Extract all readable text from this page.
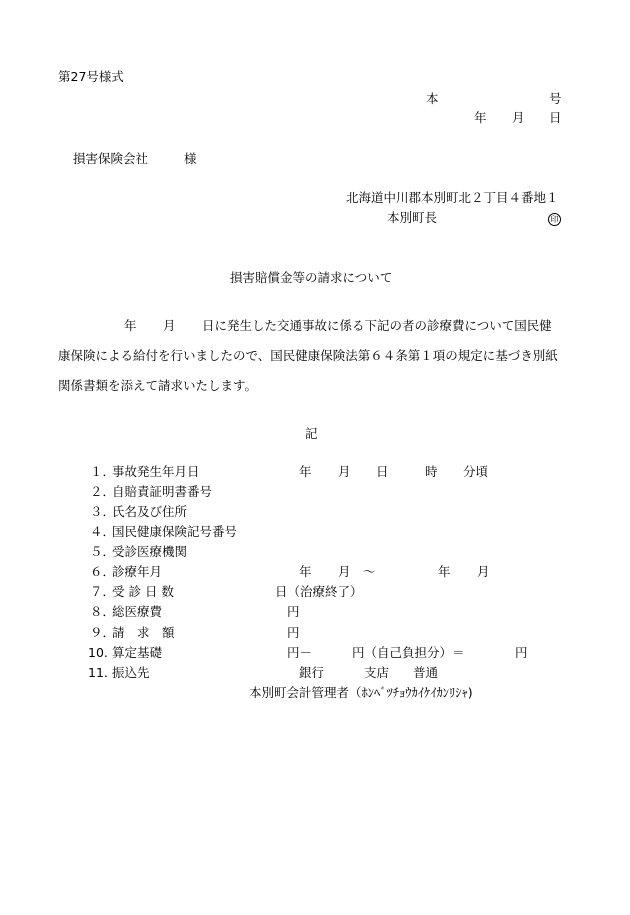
第27号様式
本	号
年 月 日
損害保険会社	様
北海道中川郡本別町北２丁目４番地１
本別町長	印
損害賠償金等の請求について
年 月 日に発生した交通事故に係る下記の者の診療費について国民健
康保険による給付を行いましたので、国民健康保険法第６４条第１項の規定に基づき別紙
関係書類を添えて請求いたします。
記
１．
事故発生年月日	年 月 日	時 分頃
２．
自賠責証明書番号
３．
氏名及び住所
４．
国民健康保険記号番号
５．
受診医療機関
６．
診療年月	年 月 ～	年 月
７．
受 診 日 数	日（治療終了）
８．
総医療費	円
９．
請　求　額	円
10. 算定基礎	円－	円（自己負担分）＝	円
11. 振込先	銀行	支店 普通
本別町会計管理者（ﾎﾝﾍﾞﾂﾁｮｳｶｲｹｲｶﾝﾘｼｬ)
